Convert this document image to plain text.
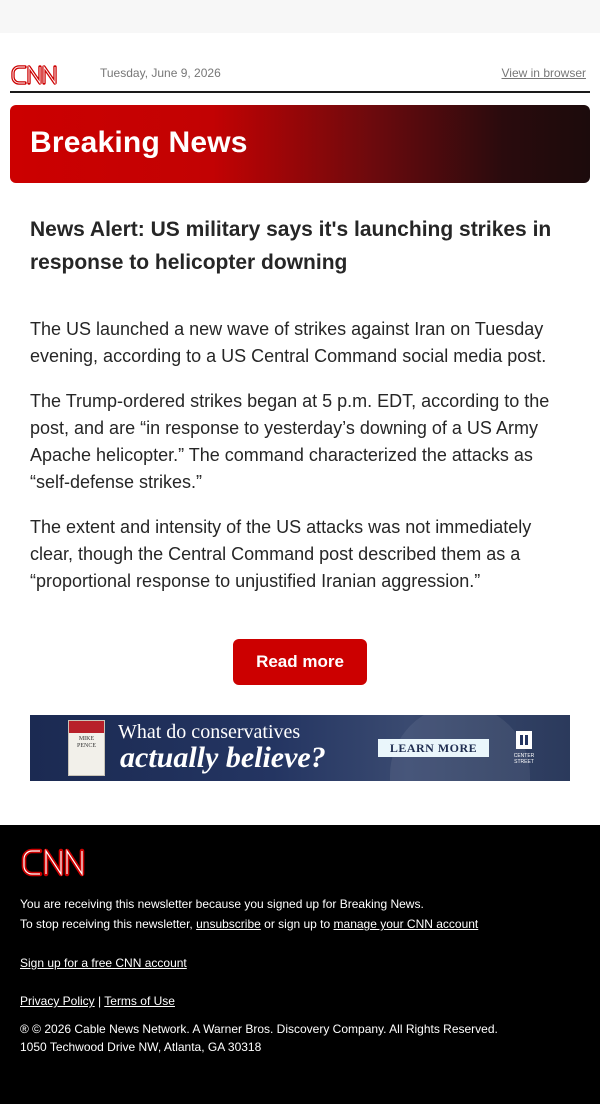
Tuesday, June 9, 2026	View in browser
Breaking News
News Alert: US military says it's launching strikes in response to helicopter downing

The US launched a new wave of strikes against Iran on Tuesday evening, according to a US Central Command social media post.

The Trump-ordered strikes began at 5 p.m. EDT, according to the post, and are “in response to yesterday’s downing of a US Army Apache helicopter.” The command characterized the attacks as “self-defense strikes.”

The extent and intensity of the US attacks was not immediately clear, though the Central Command post described them as a “proportional response to unjustified Iranian aggression.”

Read more
MIKE PENCE
What do conservatives
actually believe?	LEARN MORE
CENTER STREET
You are receiving this newsletter because you signed up for Breaking News.
To stop receiving this newsletter, unsubscribe or sign up to manage your CNN account
Sign up for a free CNN account
Privacy Policy | Terms of Use
® © 2026 Cable News Network. A Warner Bros. Discovery Company. All Rights Reserved.
1050 Techwood Drive NW, Atlanta, GA 30318
